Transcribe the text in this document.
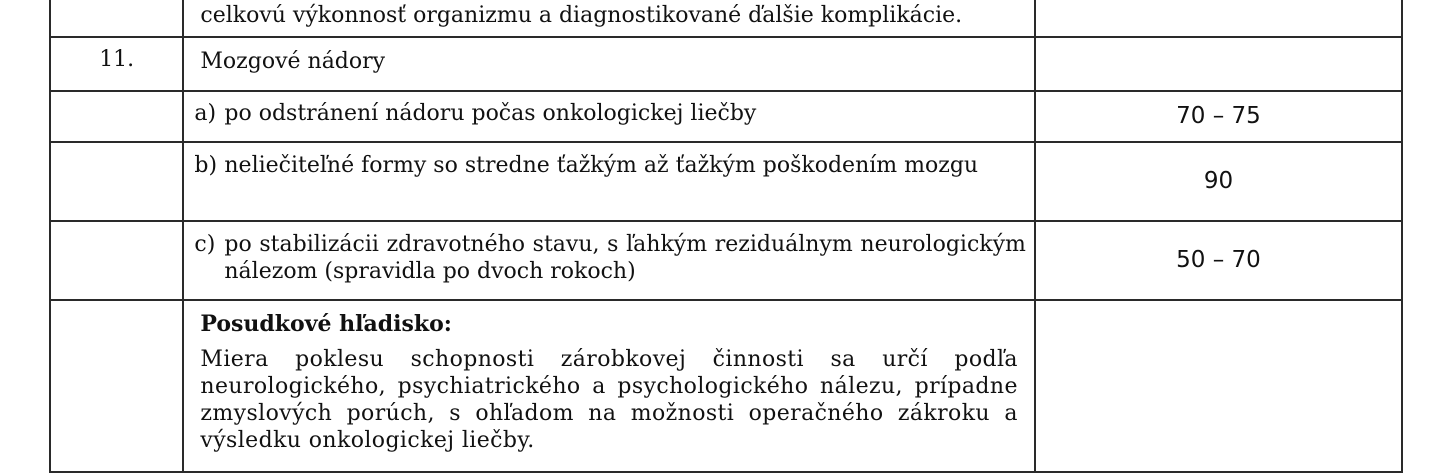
	celkovú výkonnosť organizmu a diagnostikované ďalšie komplikácie.	
11.	Mozgové nádory	

	a) po odstránení nádoru počas onkologickej liečby	70 – 75

	b) neliečiteľné formy so stredne ťažkým až ťažkým poškodením mozgu	90

	c) po stabilizácii zdravotného stavu, s ľahkým reziduálnym neurologickým nálezom (spravidla po dvoch rokoch)	50 – 70

	Posudkové hľadisko:

Miera poklesu schopnosti zárobkovej činnosti sa určí podľa neurologického, psychiatrického a psychologického nálezu, prípadne zmyslových porúch, s ohľadom na možnosti operačného zákroku a výsledku onkologickej liečby.	
